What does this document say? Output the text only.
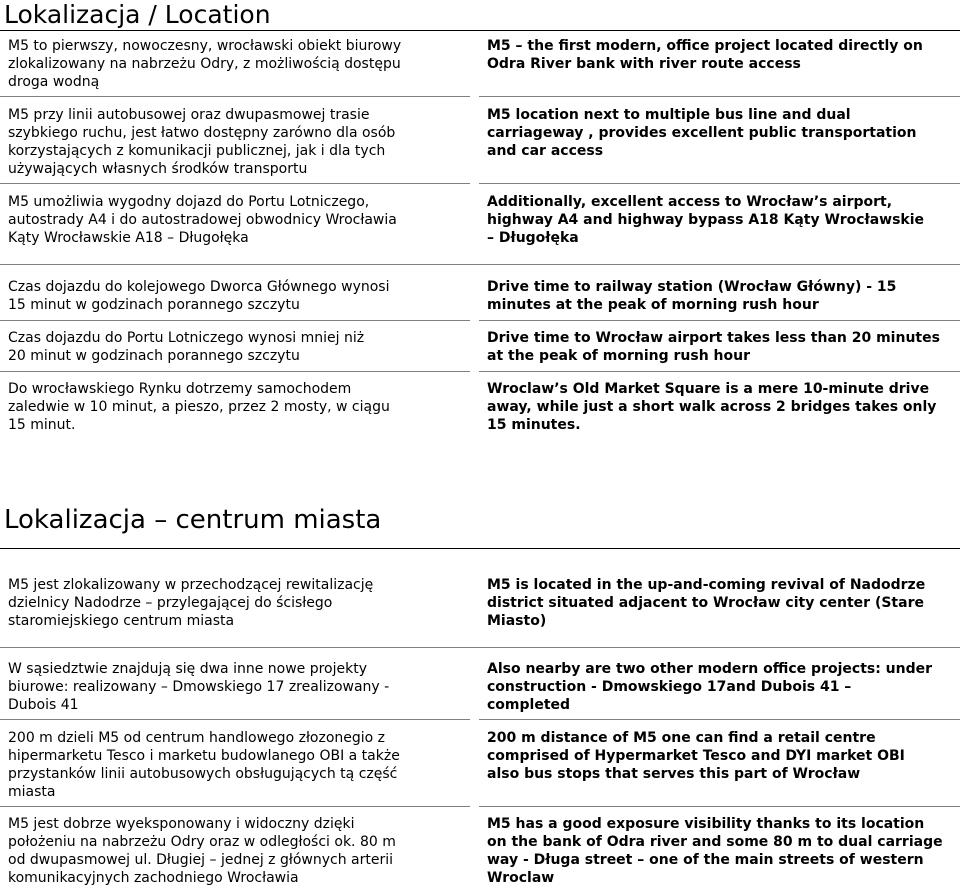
Lokalizacja / Location
M5 to pierwszy, nowoczesny, wrocławski obiekt biurowy
zlokalizowany na nabrzeżu Odry, z możliwością dostępu
droga wodną
M5 – the first modern, office project located directly on
Odra River bank with river route access
M5 przy linii autobusowej oraz dwupasmowej trasie
szybkiego ruchu, jest łatwo dostępny zarówno dla osób
korzystających z komunikacji publicznej, jak i dla tych
używających własnych środków transportu
M5 location next to multiple bus line and dual
carriageway , provides excellent public transportation
and car access
M5 umożliwia wygodny dojazd do Portu Lotniczego,
autostrady A4 i do autostradowej obwodnicy Wrocławia
Kąty Wrocławskie A18 – Długołęka
Additionally, excellent access to Wrocław’s airport,
highway A4 and highway bypass A18 Kąty Wrocławskie
– Długołęka
Czas dojazdu do kolejowego Dworca Głównego wynosi
15 minut w godzinach porannego szczytu
Drive time to railway station (Wrocław Główny) - 15
minutes at the peak of morning rush hour
Czas dojazdu do Portu Lotniczego wynosi mniej niż
20 minut w godzinach porannego szczytu
Drive time to Wrocław airport takes less than 20 minutes
at the peak of morning rush hour
Do wrocławskiego Rynku dotrzemy samochodem
zaledwie w 10 minut, a pieszo, przez 2 mosty, w ciągu
15 minut.
Wroclaw’s Old Market Square is a mere 10-minute drive
away, while just a short walk across 2 bridges takes only
15 minutes.
Lokalizacja – centrum miasta
M5 jest zlokalizowany w przechodzącej rewitalizację
dzielnicy Nadodrze – przylegającej do ścisłego
staromiejskiego centrum miasta
M5 is located in the up-and-coming revival of Nadodrze
district situated adjacent to Wrocław city center (Stare
Miasto)
W sąsiedztwie znajdują się dwa inne nowe projekty
biurowe: realizowany – Dmowskiego 17 zrealizowany -
Dubois 41
Also nearby are two other modern office projects: under
construction - Dmowskiego 17and Dubois 41 –
completed
200 m dzieli M5 od centrum handlowego złozonegio z
hipermarketu Tesco i marketu budowlanego OBI a także
przystanków linii autobusowych obsługujących tą część
miasta
200 m distance of M5 one can find a retail centre
comprised of Hypermarket Tesco and DYI market OBI
also bus stops that serves this part of Wrocław
M5 jest dobrze wyeksponowany i widoczny dzięki
położeniu na nabrzeżu Odry oraz w odległości ok. 80 m
od dwupasmowej ul. Długiej – jednej z głównych arterii
komunikacyjnych zachodniego Wrocławia
M5 has a good exposure visibility thanks to its location
on the bank of Odra river and some 80 m to dual carriage
way - Długa street – one of the main streets of western
Wroclaw
